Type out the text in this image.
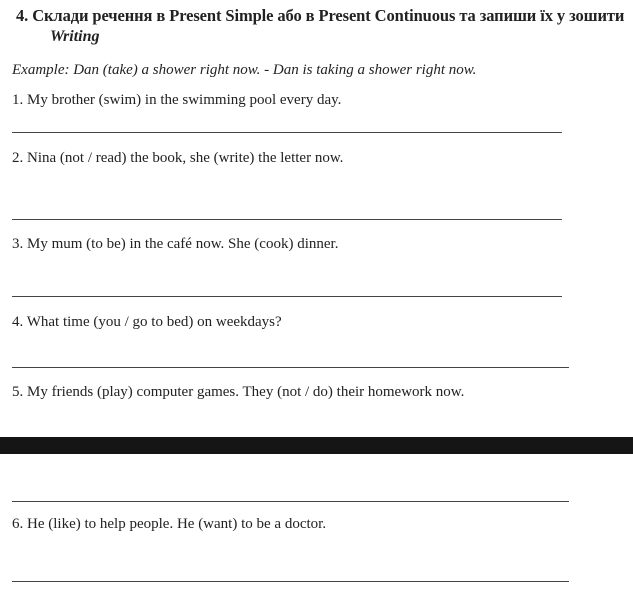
4. Склади речення в Present Simple або в Present Continuous та запиши їх у зошити
Writing
Example: Dan (take) a shower right now. - Dan is taking a shower right now.
1. My brother (swim) in the swimming pool every day.
2. Nina (not / read) the book, she (write) the letter now.
3. My mum (to be) in the café now. She (cook) dinner.
4. What time (you / go to bed) on weekdays?
5. My friends (play) computer games. They (not / do) their homework now.
6. He (like) to help people. He (want) to be a doctor.
